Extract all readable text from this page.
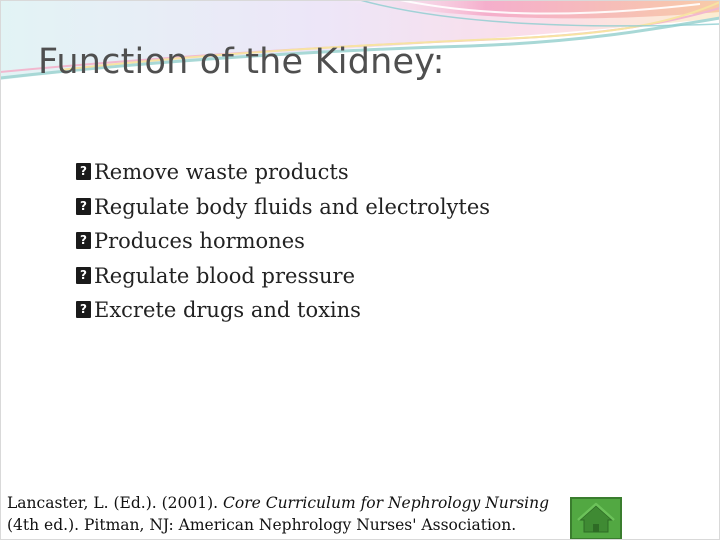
Function of the Kidney:
?Remove waste products
?Regulate body fluids and electrolytes
?Produces hormones
?Regulate blood pressure
?Excrete drugs and toxins
Lancaster, L. (Ed.). (2001). Core Curriculum for Nephrology Nursing
(4th ed.). Pitman, NJ: American Nephrology Nurses' Association.
